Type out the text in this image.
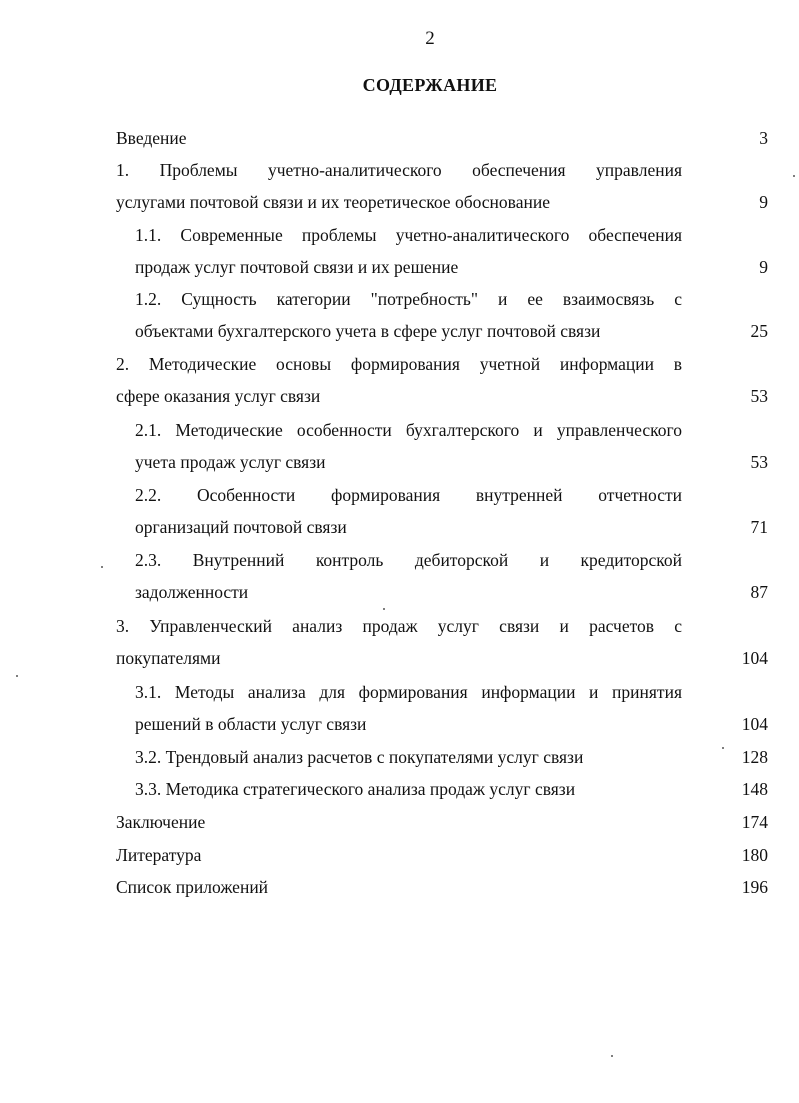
2
СОДЕРЖАНИЕ
Введение	3
1. Проблемы учетно-аналитического обеспечения управления
услугами почтовой связи и их теоретическое обоснование	9
1.1. Современные проблемы учетно-аналитического обеспечения
продаж услуг почтовой связи и их решение	9
1.2. Сущность категории "потребность" и ее взаимосвязь с
объектами бухгалтерского учета в сфере услуг почтовой связи	25
2. Методические основы формирования учетной информации в
сфере оказания услуг связи	53
2.1. Методические особенности бухгалтерского и управленческого
учета продаж услуг связи	53
2.2. Особенности формирования внутренней отчетности
организаций почтовой связи	71
2.3. Внутренний контроль дебиторской и кредиторской
задолженности	87
3. Управленческий анализ продаж услуг связи и расчетов с
покупателями	104
3.1. Методы анализа для формирования информации и принятия
решений в области услуг связи	104
3.2. Трендовый анализ расчетов с покупателями услуг связи	128
3.3. Методика стратегического анализа продаж услуг связи	148
Заключение	174
Литература	180
Список приложений	196
